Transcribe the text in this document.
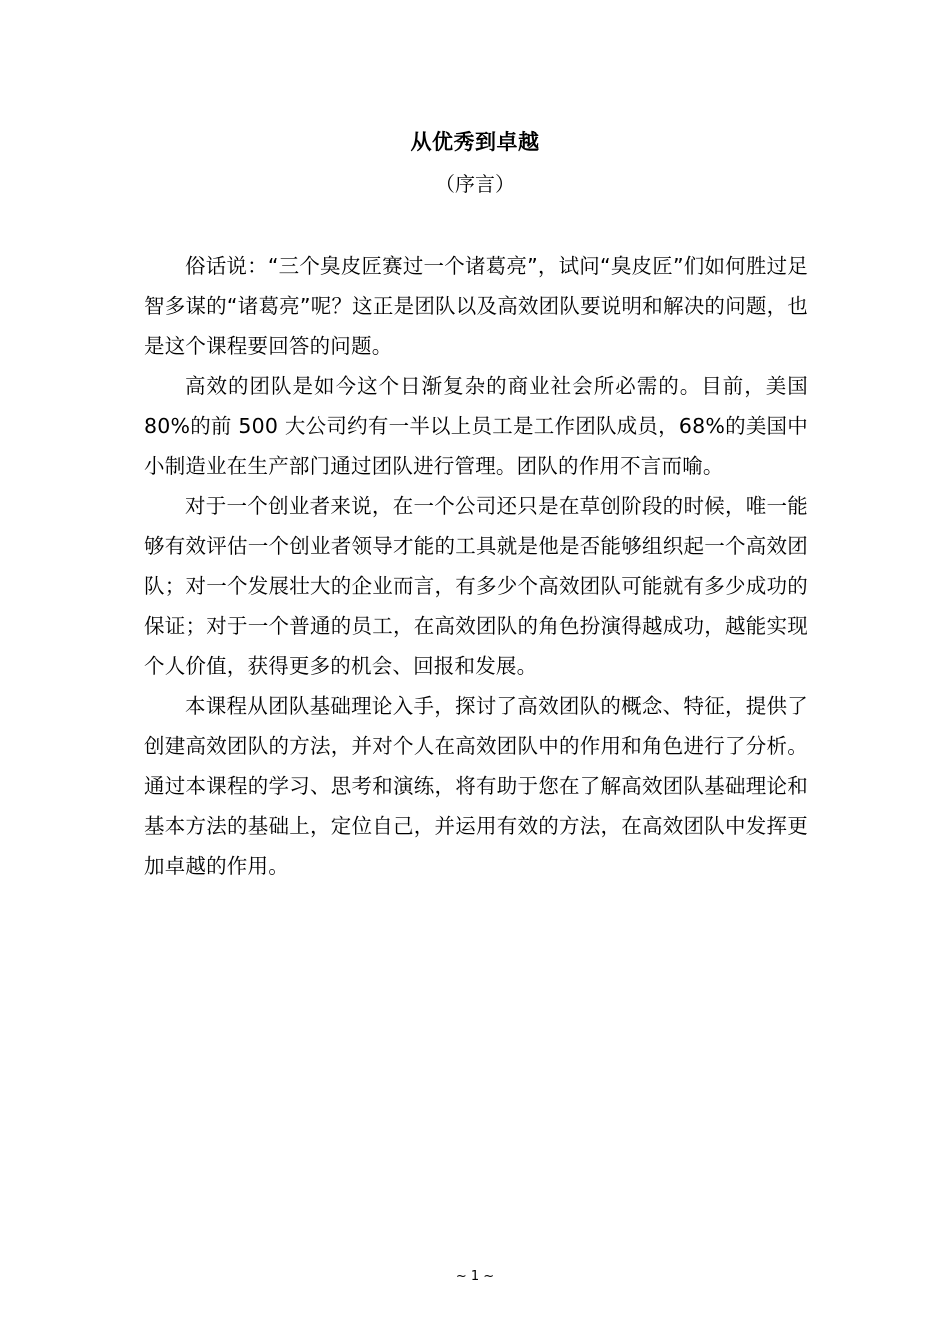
从优秀到卓越
（序言）

俗话说：“三个臭皮匠赛过一个诸葛亮”，试问“臭皮匠”们如何胜过足智多谋的“诸葛亮”呢？这正是团队以及高效团队要说明和解决的问题，也是这个课程要回答的问题。

高效的团队是如今这个日渐复杂的商业社会所必需的。目前，美国 80%的前 500 大公司约有一半以上员工是工作团队成员，68%的美国中小制造业在生产部门通过团队进行管理。团队的作用不言而喻。

对于一个创业者来说，在一个公司还只是在草创阶段的时候，唯一能够有效评估一个创业者领导才能的工具就是他是否能够组织起一个高效团队；对一个发展壮大的企业而言，有多少个高效团队可能就有多少成功的保证；对于一个普通的员工，在高效团队的角色扮演得越成功，越能实现个人价值，获得更多的机会、回报和发展。

本课程从团队基础理论入手，探讨了高效团队的概念、特征，提供了创建高效团队的方法，并对个人在高效团队中的作用和角色进行了分析。通过本课程的学习、思考和演练，将有助于您在了解高效团队基础理论和基本方法的基础上，定位自己，并运用有效的方法，在高效团队中发挥更加卓越的作用。

~ 1 ~
